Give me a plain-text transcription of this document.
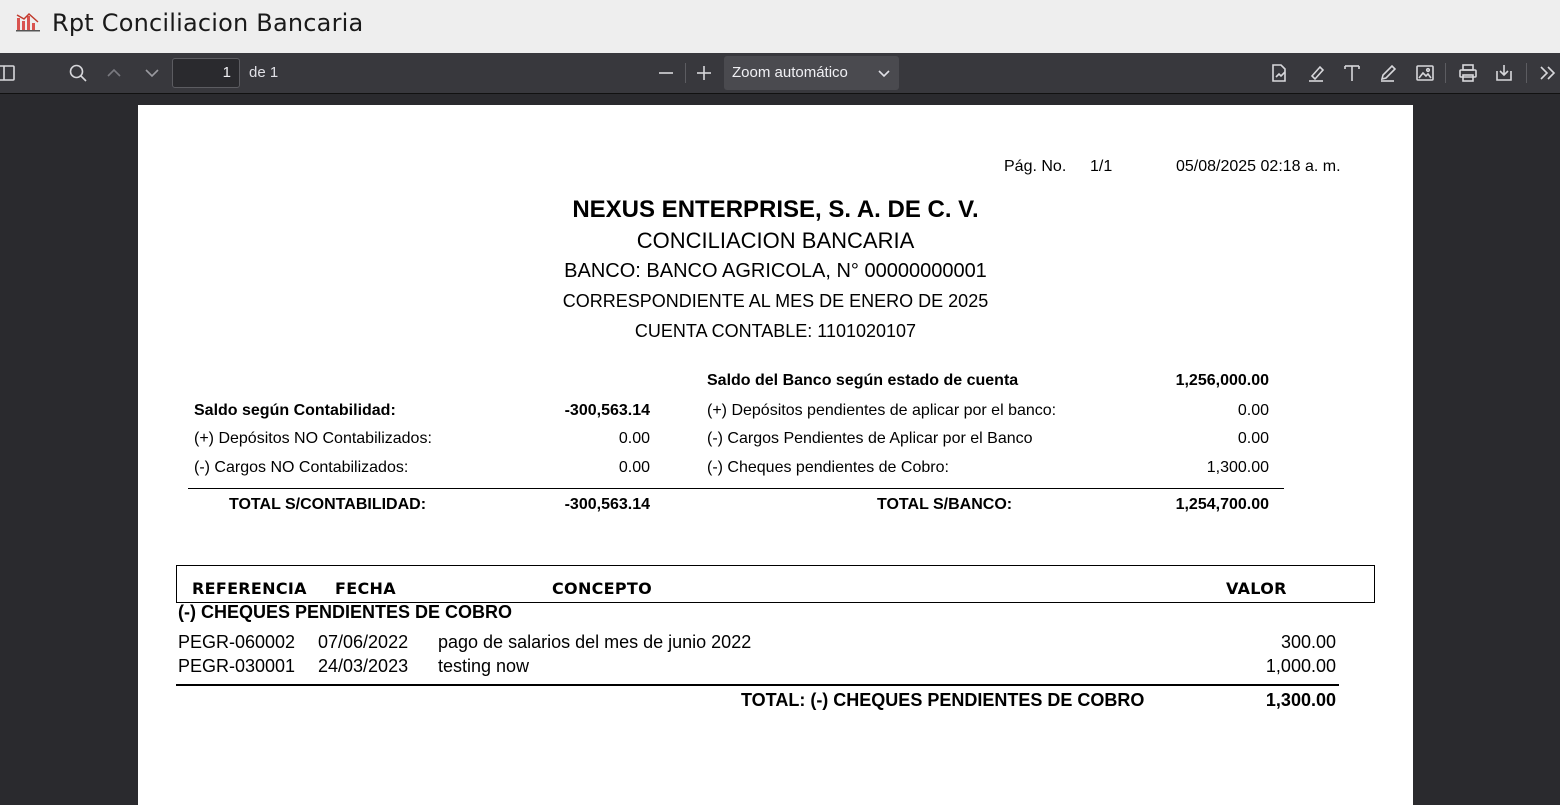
Rpt Conciliacion Bancaria
1	de 1	Zoom automático
Pág. No. 1/1	05/08/2025 02:18 a. m.
NEXUS ENTERPRISE, S. A. DE C. V.
CONCILIACION BANCARIA
BANCO: BANCO AGRICOLA, N° 00000000001
CORRESPONDIENTE AL MES DE ENERO DE 2025
CUENTA CONTABLE: 1101020107
Saldo del Banco según estado de cuenta	1,256,000.00
Saldo según Contabilidad:	-300,563.14	(+) Depósitos pendientes de aplicar por el banco:	0.00
(+) Depósitos NO Contabilizados:	0.00	(-) Cargos Pendientes de Aplicar por el Banco	0.00
(-) Cargos NO Contabilizados:	0.00	(-) Cheques pendientes de Cobro:	1,300.00
TOTAL S/CONTABILIDAD:	-300,563.14	TOTAL S/BANCO:	1,254,700.00
REFERENCIA FECHA	CONCEPTO	VALOR
(-) CHEQUES PENDIENTES DE COBRO
PEGR-060002 07/06/2022 pago de salarios del mes de junio 2022	300.00
PEGR-030001 24/03/2023 testing now	1,000.00
TOTAL: (-) CHEQUES PENDIENTES DE COBRO	1,300.00
